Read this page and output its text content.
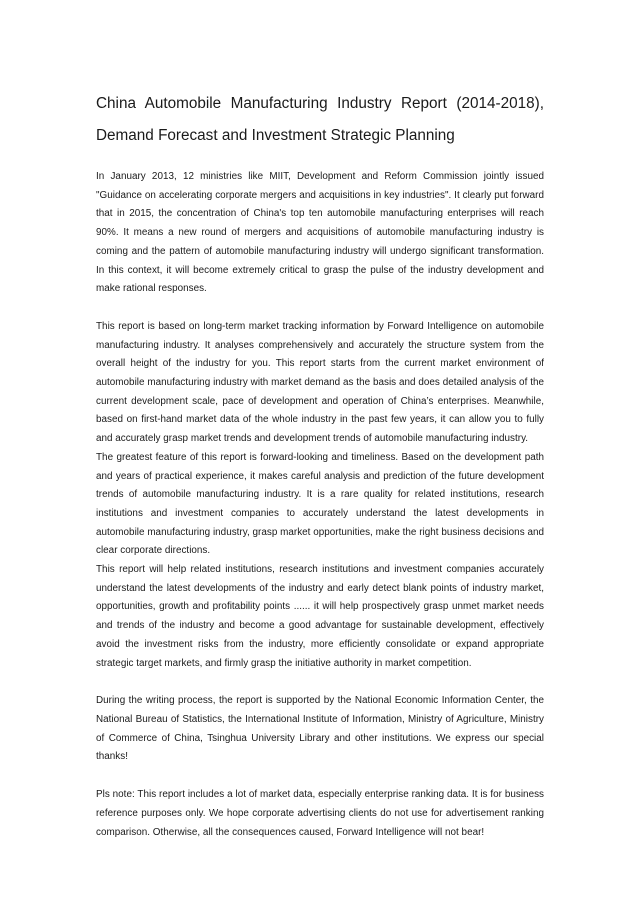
China Automobile Manufacturing Industry Report (2014-2018),
Demand Forecast and Investment Strategic Planning

In January 2013, 12 ministries like MIIT, Development and Reform Commission jointly issued "Guidance on accelerating corporate mergers and acquisitions in key industries". It clearly put forward that in 2015, the concentration of China's top ten automobile manufacturing enterprises will reach 90%. It means a new round of mergers and acquisitions of automobile manufacturing industry is coming and the pattern of automobile manufacturing industry will undergo significant transformation. In this context, it will become extremely critical to grasp the pulse of the industry development and make rational responses.

This report is based on long-term market tracking information by Forward Intelligence on automobile manufacturing industry. It analyses comprehensively and accurately the structure system from the overall height of the industry for you. This report starts from the current market environment of automobile manufacturing industry with market demand as the basis and does detailed analysis of the current development scale, pace of development and operation of China’s enterprises. Meanwhile, based on first-hand market data of the whole industry in the past few years, it can allow you to fully and accurately grasp market trends and development trends of automobile manufacturing industry.

The greatest feature of this report is forward-looking and timeliness. Based on the development path and years of practical experience, it makes careful analysis and prediction of the future development trends of automobile manufacturing industry. It is a rare quality for related institutions, research institutions and investment companies to accurately understand the latest developments in automobile manufacturing industry, grasp market opportunities, make the right business decisions and clear corporate directions.

This report will help related institutions, research institutions and investment companies accurately understand the latest developments of the industry and early detect blank points of industry market, opportunities, growth and profitability points ...... it will help prospectively grasp unmet market needs and trends of the industry and become a good advantage for sustainable development, effectively avoid the investment risks from the industry, more efficiently consolidate or expand appropriate strategic target markets, and firmly grasp the initiative authority in market competition.

During the writing process, the report is supported by the National Economic Information Center, the National Bureau of Statistics, the International Institute of Information, Ministry of Agriculture, Ministry of Commerce of China, Tsinghua University Library and other institutions. We express our special thanks!

Pls note: This report includes a lot of market data, especially enterprise ranking data. It is for business reference purposes only. We hope corporate advertising clients do not use for advertisement ranking comparison. Otherwise, all the consequences caused, Forward Intelligence will not bear!
